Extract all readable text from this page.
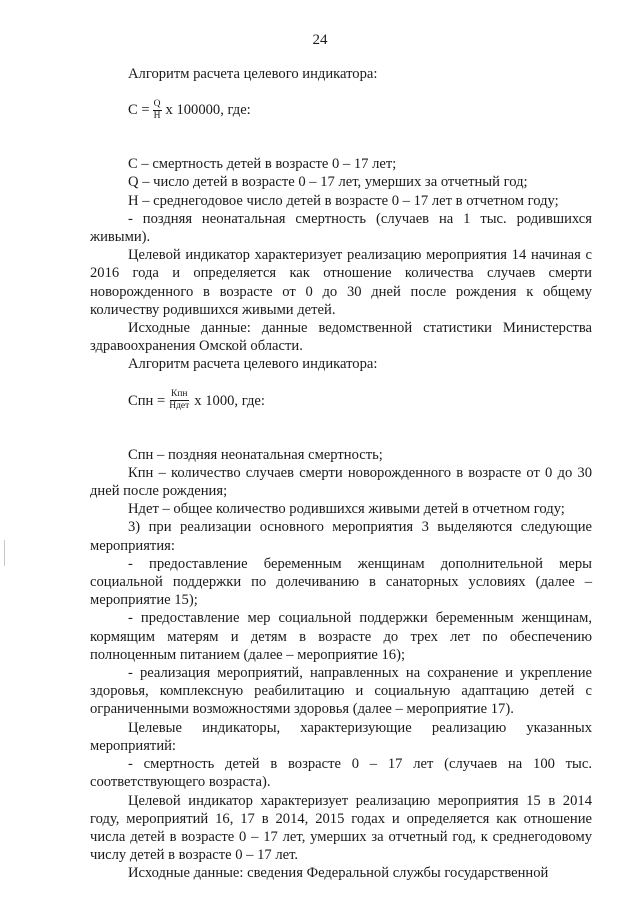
24

Алгоритм расчета целевого индикатора:

$С = \frac{Q}{Н}$ х 100000, где:

С – смертность детей в возрасте 0 – 17 лет;

Q – число детей в возрасте 0 – 17 лет, умерших за отчетный год;

Н – среднегодовое число детей в возрасте 0 – 17 лет в отчетном году;

- поздняя неонатальная смертность (случаев на 1 тыс. родившихся живыми).

Целевой индикатор характеризует реализацию мероприятия 14 начиная с 2016 года и определяется как отношение количества случаев смерти новорожденного в возрасте от 0 до 30 дней после рождения к общему количеству родившихся живыми детей.

Исходные данные: данные ведомственной статистики Министерства здравоохранения Омской области.

Алгоритм расчета целевого индикатора:

Спн = $\frac{\text{Кпн}}{\text{Ндет}}$ х 1000, где:

Спн – поздняя неонатальная смертность;

Кпн – количество случаев смерти новорожденного в возрасте от 0 до 30 дней после рождения;

Ндет – общее количество родившихся живыми детей в отчетном году;

3) при реализации основного мероприятия 3 выделяются следующие мероприятия:

- предоставление беременным женщинам дополнительной меры социальной поддержки по долечиванию в санаторных условиях (далее – мероприятие 15);

- предоставление мер социальной поддержки беременным женщинам, кормящим матерям и детям в возрасте до трех лет по обеспечению полноценным питанием (далее – мероприятие 16);

- реализация мероприятий, направленных на сохранение и укрепление здоровья, комплексную реабилитацию и социальную адаптацию детей с ограниченными возможностями здоровья (далее – мероприятие 17).

Целевые индикаторы, характеризующие реализацию указанных мероприятий:

- смертность детей в возрасте 0 – 17 лет (случаев на 100 тыс. соответствующего возраста).

Целевой индикатор характеризует реализацию мероприятия 15 в 2014 году, мероприятий 16, 17 в 2014, 2015 годах и определяется как отношение числа детей в возрасте 0 – 17 лет, умерших за отчетный год, к среднегодовому числу детей в возрасте 0 – 17 лет.

Исходные данные: сведения Федеральной службы государственной
